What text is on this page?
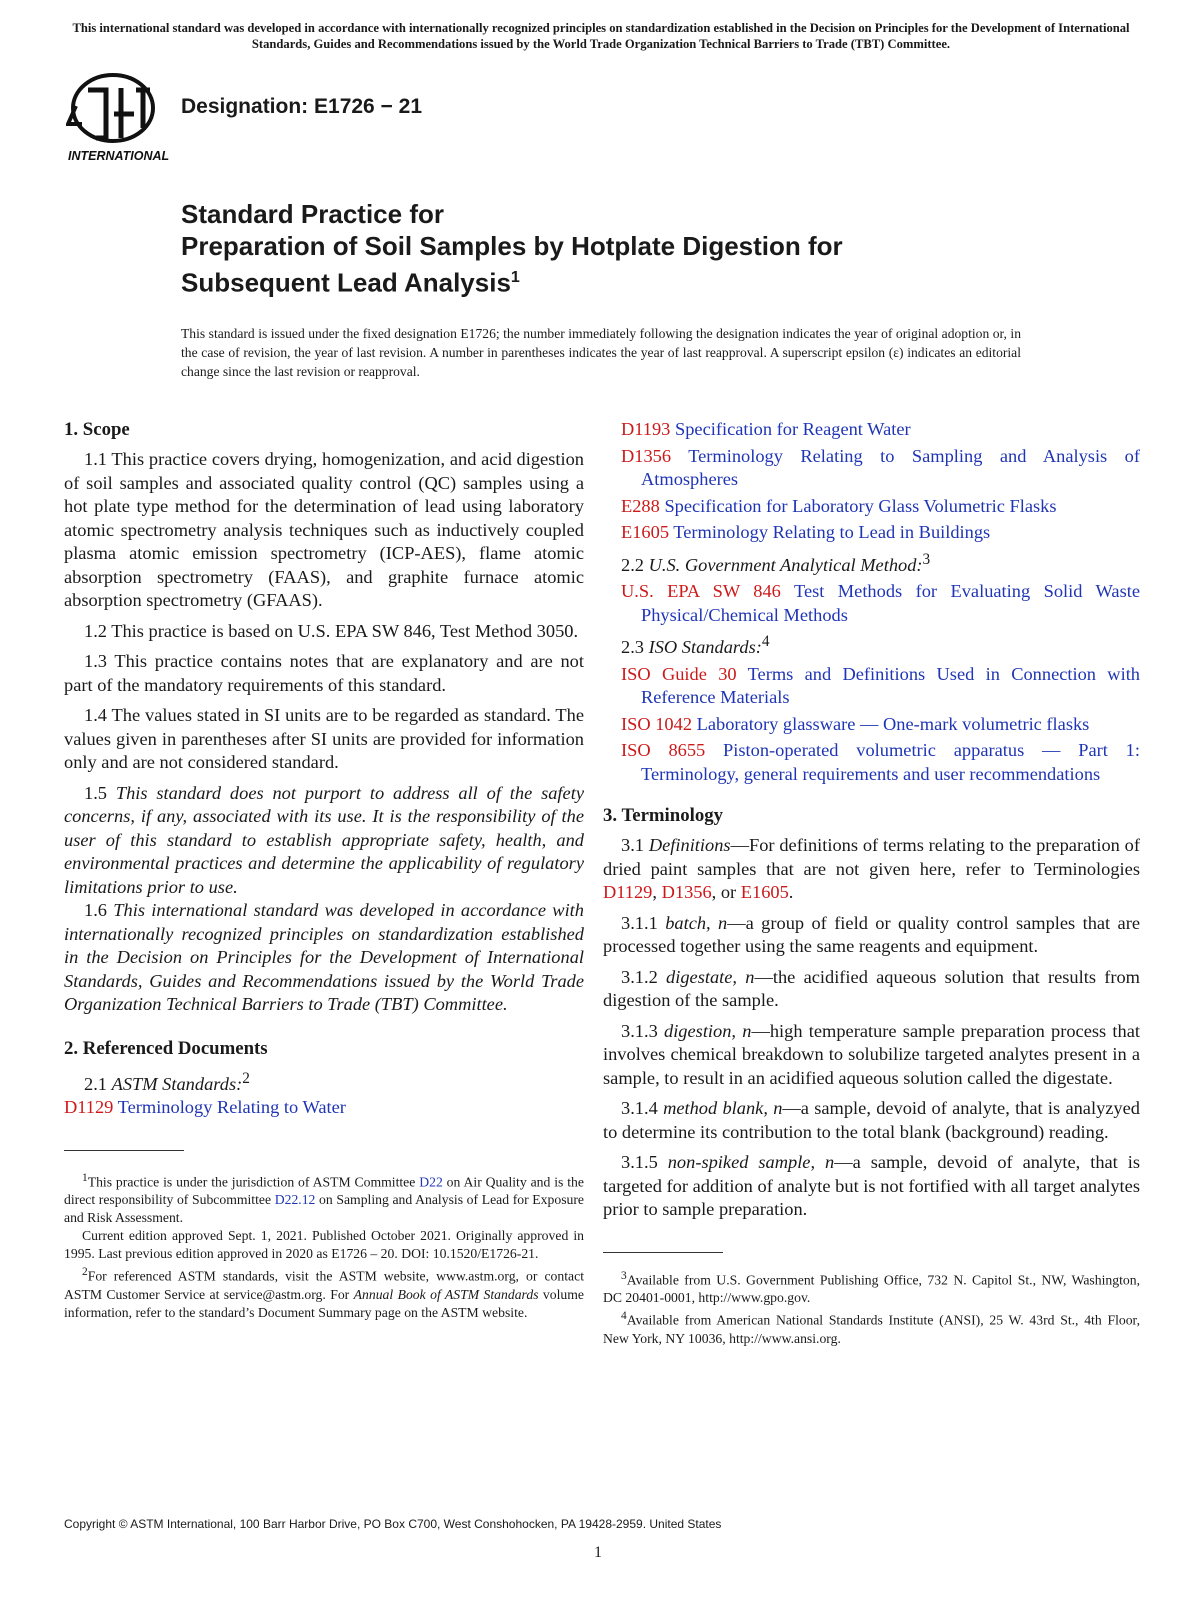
This international standard was developed in accordance with internationally recognized principles on standardization established in the Decision on Principles for the Development of International Standards, Guides and Recommendations issued by the World Trade Organization Technical Barriers to Trade (TBT) Committee.
INTERNATIONAL
Designation: E1726 − 21
Standard Practice for
Preparation of Soil Samples by Hotplate Digestion for
Subsequent Lead Analysis$^1$
This standard is issued under the fixed designation E1726; the number immediately following the designation indicates the year of original adoption or, in the case of revision, the year of last revision. A number in parentheses indicates the year of last reapproval. A superscript epsilon (ε) indicates an editorial change since the last revision or reapproval.
1. Scope

1.1 This practice covers drying, homogenization, and acid digestion of soil samples and associated quality control (QC) samples using a hot plate type method for the determination of lead using laboratory atomic spectrometry analysis techniques such as inductively coupled plasma atomic emission spectrometry (ICP-AES), flame atomic absorption spectrometry (FAAS), and graphite furnace atomic absorption spectrometry (GFAAS).

1.2 This practice is based on U.S. EPA SW 846, Test Method 3050.

1.3 This practice contains notes that are explanatory and are not part of the mandatory requirements of this standard.

1.4 The values stated in SI units are to be regarded as standard. The values given in parentheses after SI units are provided for information only and are not considered standard.

1.5 This standard does not purport to address all of the safety concerns, if any, associated with its use. It is the responsibility of the user of this standard to establish appropriate safety, health, and environmental practices and determine the applicability of regulatory limitations prior to use.

1.6 This international standard was developed in accordance with internationally recognized principles on standardization established in the Decision on Principles for the Development of International Standards, Guides and Recommendations issued by the World Trade Organization Technical Barriers to Trade (TBT) Committee.

2. Referenced Documents

2.1 ASTM Standards:$^2$

D1129 Terminology Relating to Water

$^1$This practice is under the jurisdiction of ASTM Committee D22 on Air Quality and is the direct responsibility of Subcommittee D22.12 on Sampling and Analysis of Lead for Exposure and Risk Assessment.

Current edition approved Sept. 1, 2021. Published October 2021. Originally approved in 1995. Last previous edition approved in 2020 as E1726 – 20. DOI: 10.1520/E1726-21.

$^2$For referenced ASTM standards, visit the ASTM website, www.astm.org, or contact ASTM Customer Service at service@astm.org. For Annual Book of ASTM Standards volume information, refer to the standard’s Document Summary page on the ASTM website.

D1193 Specification for Reagent Water
D1356 Terminology Relating to Sampling and Analysis of Atmospheres
E288 Specification for Laboratory Glass Volumetric Flasks
E1605 Terminology Relating to Lead in Buildings
2.2 U.S. Government Analytical Method:$^3$
U.S. EPA SW 846 Test Methods for Evaluating Solid Waste Physical/Chemical Methods
2.3 ISO Standards:$^4$
ISO Guide 30 Terms and Definitions Used in Connection with Reference Materials
ISO 1042 Laboratory glassware — One-mark volumetric flasks
ISO 8655 Piston-operated volumetric apparatus — Part 1: Terminology, general requirements and user recommendations
3. Terminology

3.1 Definitions—For definitions of terms relating to the preparation of dried paint samples that are not given here, refer to Terminologies D1129, D1356, or E1605.

3.1.1 batch, n—a group of field or quality control samples that are processed together using the same reagents and equipment.

3.1.2 digestate, n—the acidified aqueous solution that results from digestion of the sample.

3.1.3 digestion, n—high temperature sample preparation process that involves chemical breakdown to solubilize targeted analytes present in a sample, to result in an acidified aqueous solution called the digestate.

3.1.4 method blank, n—a sample, devoid of analyte, that is analyzyed to determine its contribution to the total blank (background) reading.

3.1.5 non-spiked sample, n—a sample, devoid of analyte, that is targeted for addition of analyte but is not fortified with all target analytes prior to sample preparation.

$^3$Available from U.S. Government Publishing Office, 732 N. Capitol St., NW, Washington, DC 20401-0001, http://www.gpo.gov.

$^4$Available from American National Standards Institute (ANSI), 25 W. 43rd St., 4th Floor, New York, NY 10036, http://www.ansi.org.

Copyright © ASTM International, 100 Barr Harbor Drive, PO Box C700, West Conshohocken, PA 19428-2959. United States
1
